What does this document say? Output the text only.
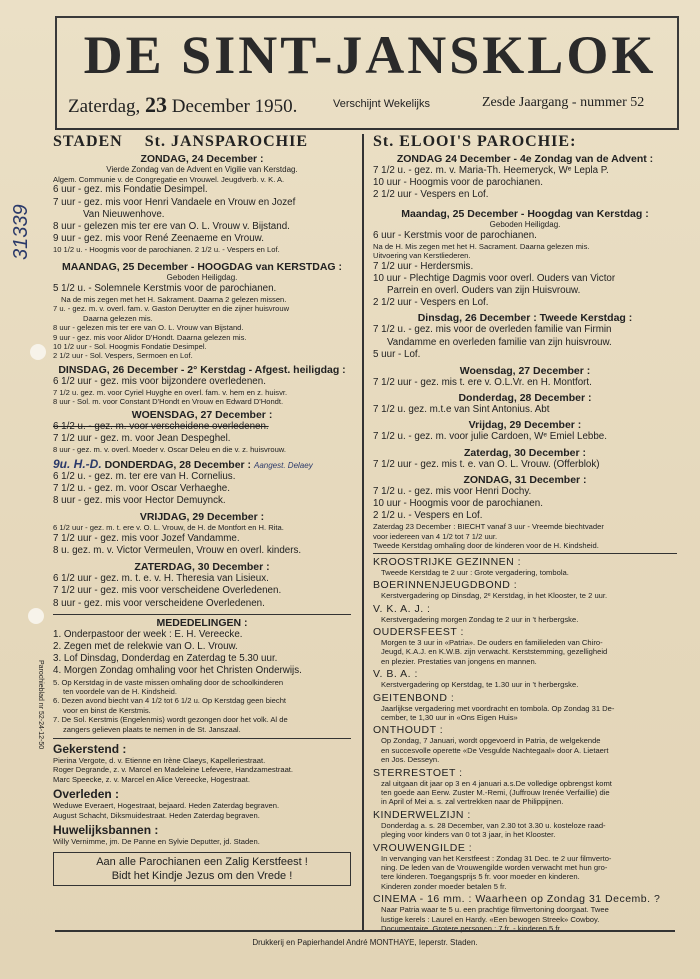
DE SINT-JANSKLOK
Zaterdag, 23 December 1950.	Verschijnt Wekelijks	Zesde Jaargang - nummer 52
31339
Parochieblad nr 52-24-12-50
STADEN St. JANSPAROCHIE
ZONDAG, 24 December :
Vierde Zondag van de Advent en Vigilie van Kerstdag.
Algem. Communie v. de Congregatie en Vrouwel. Jeugdverb. v. K. A.
6 uur - gez. mis Fondatie Desimpel.
7 uur - gez. mis voor Henri Vandaele en Vrouw en Jozef
Van Nieuwenhove.
8 uur - gelezen mis ter ere van O. L. Vrouw v. Bijstand.
9 uur - gez. mis voor René Zeenaeme en Vrouw.
10 1/2 u. - Hoogmis voor de parochianen. 2 1/2 u. - Vespers en Lof.
MAANDAG, 25 December - HOOGDAG van KERSTDAG :
Geboden Heiligdag.
5 1/2 u. - Solemnele Kerstmis voor de parochianen.
Na de mis zegen met het H. Sakrament. Daarna 2 gelezen missen.
7 u. - gez. m. v. overl. fam. v. Gaston Deruytter en die zijner huisvrouw
Daarna gelezen mis.
8 uur - gelezen mis ter ere van O. L. Vrouw van Bijstand.
9 uur - gez. mis voor Alidor D'Hondt. Daarna gelezen mis.
10 1/2 uur - Sol. Hoogmis Fondatie Desimpel.
2 1/2 uur - Sol. Vespers, Sermoen en Lof.
DINSDAG, 26 December - 2° Kerstdag - Afgest. heiligdag :
6 1/2 uur - gez. mis voor bijzondere overledenen.
7 1/2 u. gez. m. voor Cyriel Huyghe en overl. fam. v. hem en z. huisvr.
8 uur - Sol. m. voor Constant D'Hondt en Vrouw en Edward D'Hondt.
WOENSDAG, 27 December :
6 1/2 u. - gez. m. voor verscheidene overledenen.
7 1/2 uur - gez. m. voor Jean Despeghel.
8 uur - gez. m. v. overl. Moeder v. Oscar Deleu en die v. z. huisvrouw.
9u. H.-D. DONDERDAG, 28 December : Aangest. Delaey
6 1/2 u. - gez. m. ter ere van H. Cornelius.
7 1/2 u. - gez. m. voor Oscar Verhaeghe.
8 uur - gez. mis voor Hector Demuynck.
VRIJDAG, 29 December :
6 1/2 uur - gez. m. t. ere v. O. L. Vrouw, de H. de Montfort en H. Rita.
7 1/2 uur - gez. mis voor Jozef Vandamme.
8 u. gez. m. v. Victor Vermeulen, Vrouw en overl. kinders.
ZATERDAG, 30 December :
6 1/2 uur - gez. m. t. e. v. H. Theresia van Lisieux.
7 1/2 uur - gez. mis voor verscheidene Overledenen.
8 uur - gez. mis voor verscheidene Overledenen.
MEDEDELINGEN :
1. Onderpastoor der week : E. H. Vereecke.
2. Zegen met de relekwie van O. L. Vrouw.
3. Lof Dinsdag, Donderdag en Zaterdag te 5.30 uur.
4. Morgen Zondag omhaling voor het Christen Onderwijs.
5. Op Kerstdag in de vaste missen omhaling door de schoolkinderen
ten voordele van de H. Kindsheid.
6. Dezen avond biecht van 4 1/2 tot 6 1/2 u. Op Kerstdag geen biecht
voor en binst de Kerstmis.
7. De Sol. Kerstmis (Engelenmis) wordt gezongen door het volk. Al de
zangers gelieven plaats te nemen in de St. Janszaal.
Gekerstend :
Pierina Vergote, d. v. Etienne en Irène Claeys, Kapelleriestraat.
Roger Degrande, z. v. Marcel en Madeleine Lefevere, Handzamestraat.
Marc Speecke, z. v. Marcel en Alice Vereecke, Hogestraat.
Overleden :
Weduwe Everaert, Hogestraat, bejaard. Heden Zaterdag begraven.
August Schacht, Diksmuidestraat. Heden Zaterdag begraven.
Huwelijksbannen :
Willy Vernimme, jm. De Panne en Sylvie Deputter, jd. Staden.
Aan alle Parochianen een Zalig Kerstfeest !
Bidt het Kindje Jezus om den Vrede !
St. ELOOI'S PAROCHIE:
ZONDAG 24 December - 4e Zondag van de Advent :
7 1/2 u. - gez. m. v. Maria-Th. Heemeryck, Wᵉ Lepla P.
10 uur - Hoogmis voor de parochianen.
2 1/2 uur - Vespers en Lof.
Maandag, 25 December - Hoogdag van Kerstdag :
Geboden Heiligdag.
6 uur - Kerstmis voor de parochianen.
Na de H. Mis zegen met het H. Sacrament. Daarna gelezen mis.
Uitvoering van Kerstliederen.
7 1/2 uur - Herdersmis.
10 uur - Plechtige Dagmis voor overl. Ouders van Victor
Parrein en overl. Ouders van zijn Huisvrouw.
2 1/2 uur - Vespers en Lof.
Dinsdag, 26 December : Tweede Kerstdag :
7 1/2 u. - gez. mis voor de overleden familie van Firmin
Vandamme en overleden familie van zijn huisvrouw.
5 uur - Lof.
Woensdag, 27 December :
7 1/2 uur - gez. mis t. ere v. O.L.Vr. en H. Montfort.
Donderdag, 28 December :
7 1/2 u. gez. m.t.e van Sint Antonius. Abt
Vrijdag, 29 December :
7 1/2 u. - gez. m. voor julie Cardoen, Wᵉ Emiel Lebbe.
Zaterdag, 30 December :
7 1/2 uur - gez. mis t. e. van O. L. Vrouw. (Offerblok)
ZONDAG, 31 December :
7 1/2 u. - gez. mis voor Henri Dochy.
10 uur - Hoogmis voor de parochianen.
2 1/2 u. - Vespers en Lof.
Zaterdag 23 December : BIECHT vanaf 3 uur - Vreemde biechtvader
voor iedereen van 4 1/2 tot 7 1/2 uur.
Tweede Kerstdag omhaling door de kinderen voor de H. Kindsheid.
KROOSTRIJKE GEZINNEN :
Tweede Kerstdag te 2 uur : Grote vergadering, tombola.
BOERINNENJEUGDBOND :
Kerstvergadering op Dinsdag, 2ᵉ Kerstdag, in het Klooster, te 2 uur.
V. K. A. J. :
Kerstvergadering morgen Zondag te 2 uur in 't herbergske.
OUDERSFEEST :
Morgen te 3 uur in «Patria». De ouders en familieleden van Chiro-
Jeugd, K.A.J. en K.W.B. zijn verwacht. Kerststemming, gezelligheid
en plezier. Prestaties van jongens en mannen.
V. B. A. :
Kerstvergadering op Kerstdag, te 1.30 uur in 't herbergske.
GEITENBOND :
Jaarlijkse vergadering met voordracht en tombola. Op Zondag 31 De-
cember, te 1,30 uur in «Ons Eigen Huis»
ONTHOUDT :
Op Zondag, 7 Januari, wordt opgevoerd in Patria, de welgekende
en succesvolle operette «De Vesgulde Nachtegaal» door A. Lietaert
en Jos. Desseyn.
STERRESTOET :
zal uitgaan dit jaar op 3 en 4 januari a.s.De volledige opbrengst komt
ten goede aan Eerw. Zuster M.-Remi, (Juffrouw Irenée Verfaillie) die
in April of Mei a. s. zal vertrekken naar de Philippijnen.
KINDERWELZIJN :
Donderdag a. s. 28 December, van 2.30 tot 3.30 u. kosteloze raad-
pleging voor kinders van 0 tot 3 jaar, in het Klooster.
VROUWENGILDE :
In vervanging van het Kerstfeest : Zondag 31 Dec. te 2 uur filmverto-
ning. De leden van de Vrouwengilde worden verwacht met hun gro-
tere kinderen. Toegangsprijs 5 fr. voor moeder en kinderen.
Kinderen zonder moeder betalen 5 fr.
CINEMA - 16 mm. : Waarheen op Zondag 31 Decemb. ?
Naar Patria waar te 5 u. een prachtige filmvertoning doorgaat. Twee
lustige kerels : Laurel en Hardy. «Een bewogen Streek» Cowboy.
Documentaire. Grotere personen : 7 fr. - kinderen 5 fr.
Drukkerij en Papierhandel André MONTHAYE, Ieperstr. Staden.
